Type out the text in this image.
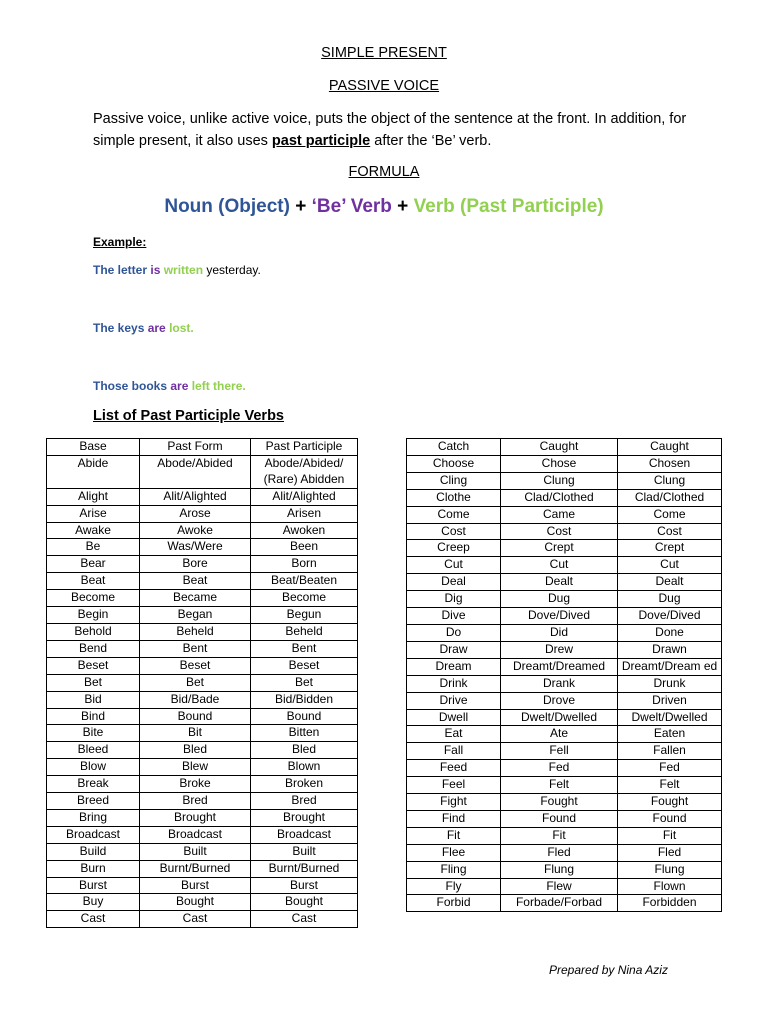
SIMPLE PRESENT

PASSIVE VOICE

Passive voice, unlike active voice, puts the object of the sentence at the front. In addition, for simple present, it also uses past participle after the ‘Be’ verb.

FORMULA

Noun (Object) + ‘Be’ Verb + Verb (Past Participle)

Example:

The letter is written yesterday.

The keys are lost.

Those books are left there.

List of Past Participle Verbs

Base	Past Form	Past Participle
Abide	Abode/Abided	Abode/Abided/ (Rare) Abidden
Alight	Alit/Alighted	Alit/Alighted
Arise	Arose	Arisen
Awake	Awoke	Awoken
Be	Was/Were	Been
Bear	Bore	Born
Beat	Beat	Beat/Beaten
Become	Became	Become
Begin	Began	Begun
Behold	Beheld	Beheld
Bend	Bent	Bent
Beset	Beset	Beset
Bet	Bet	Bet
Bid	Bid/Bade	Bid/Bidden
Bind	Bound	Bound
Bite	Bit	Bitten
Bleed	Bled	Bled
Blow	Blew	Blown
Break	Broke	Broken
Breed	Bred	Bred
Bring	Brought	Brought
Broadcast	Broadcast	Broadcast
Build	Built	Built
Burn	Burnt/Burned	Burnt/Burned
Burst	Burst	Burst
Buy	Bought	Bought
Cast	Cast	Cast
Catch	Caught	Caught
Choose	Chose	Chosen
Cling	Clung	Clung
Clothe	Clad/Clothed	Clad/Clothed
Come	Came	Come
Cost	Cost	Cost
Creep	Crept	Crept
Cut	Cut	Cut
Deal	Dealt	Dealt
Dig	Dug	Dug
Dive	Dove/Dived	Dove/Dived
Do	Did	Done
Draw	Drew	Drawn
Dream	Dreamt/Dreamed	Dreamt/Dream ed
Drink	Drank	Drunk
Drive	Drove	Driven
Dwell	Dwelt/Dwelled	Dwelt/Dwelled
Eat	Ate	Eaten
Fall	Fell	Fallen
Feed	Fed	Fed
Feel	Felt	Felt
Fight	Fought	Fought
Find	Found	Found
Fit	Fit	Fit
Flee	Fled	Fled
Fling	Flung	Flung
Fly	Flew	Flown
Forbid	Forbade/Forbad	Forbidden

Prepared by Nina Aziz
